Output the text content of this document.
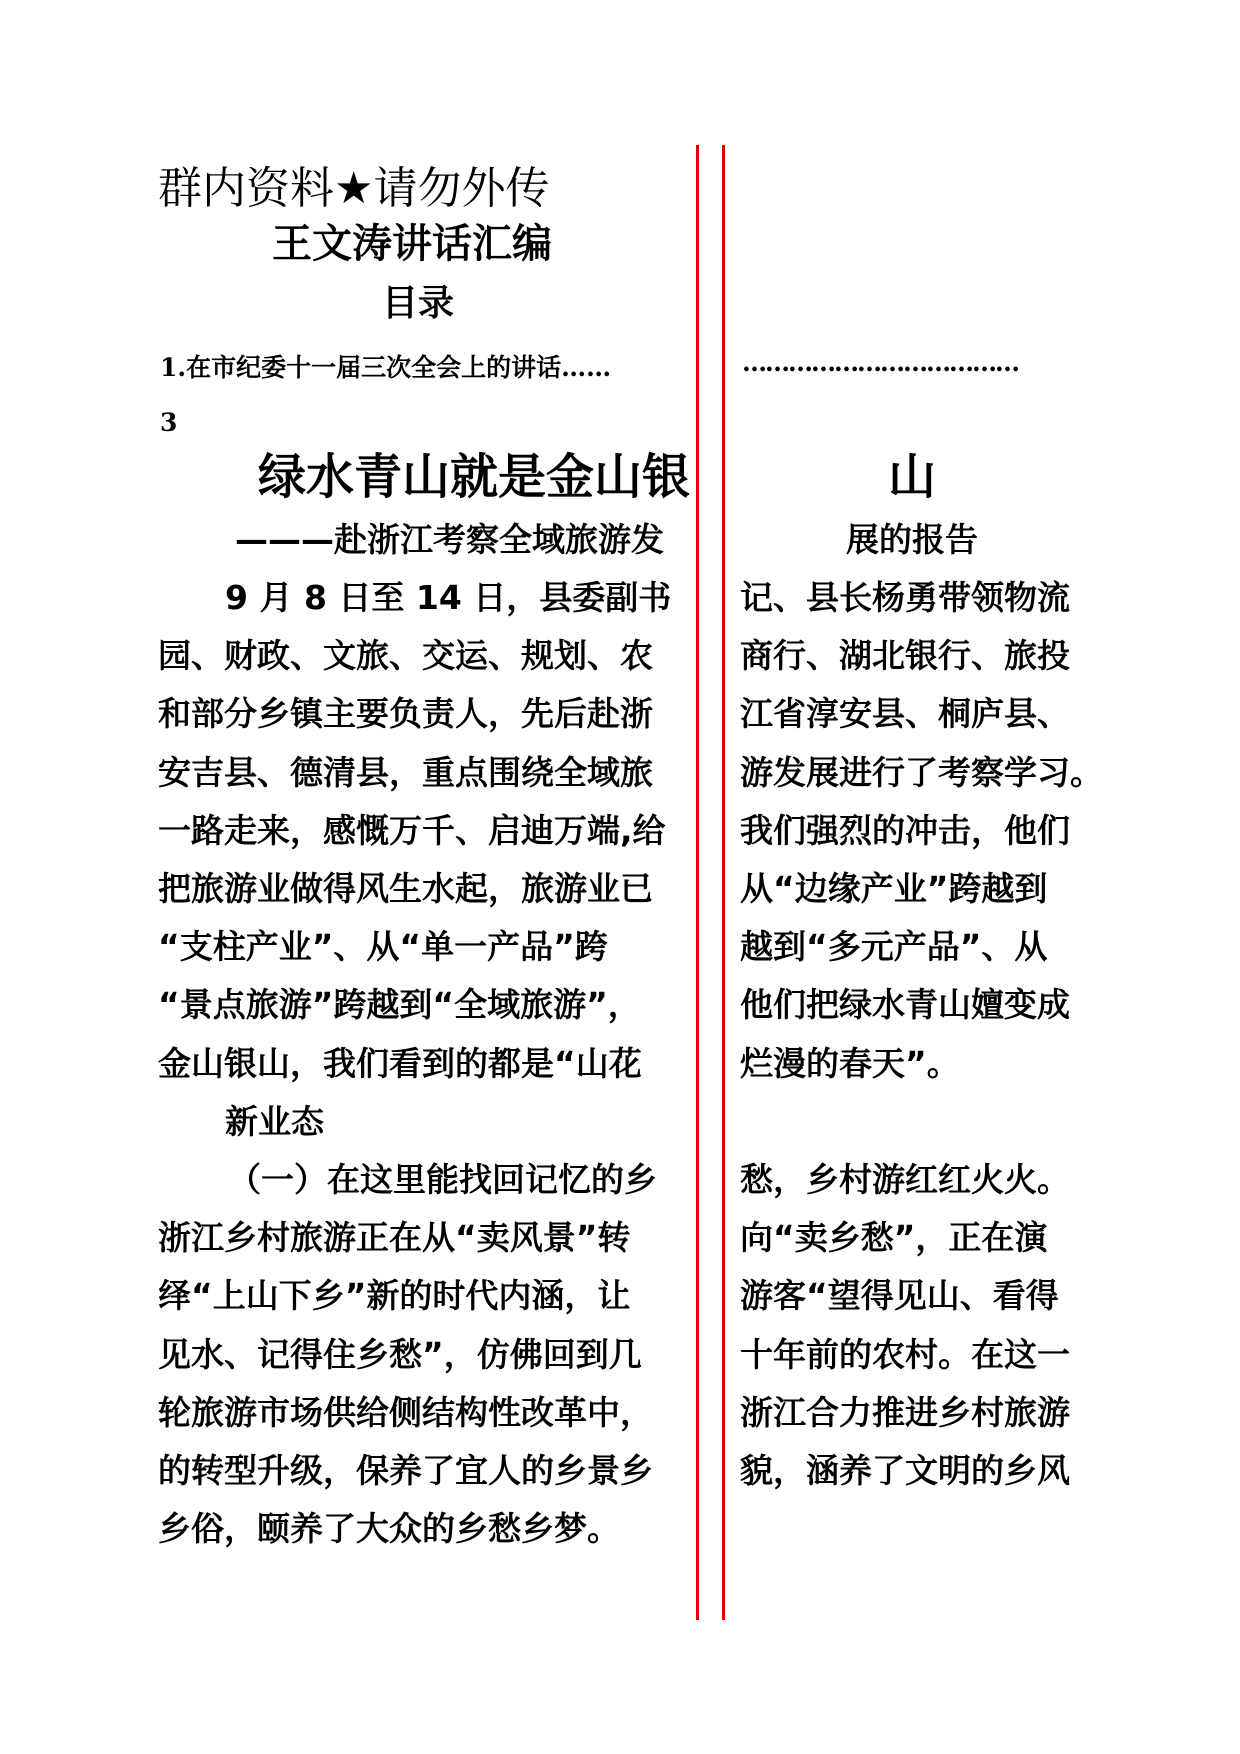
群内资料★请勿外传
王文涛讲话汇编
目录
1.在市纪委十一届三次全会上的讲话……	………………………………
3
绿水青山就是金山银	山
———赴浙江考察全域旅游发	展的报告
9 月 8 日至 14 日，县委副书
园、财政、文旅、交运、规划、农
和部分乡镇主要负责人，先后赴浙
安吉县、德清县，重点围绕全域旅
一路走来，感慨万千、启迪万端,给
把旅游业做得风生水起，旅游业已
“支柱产业”、从“单一产品”跨
“景点旅游”跨越到“全域旅游”，
金山银山，我们看到的都是“山花
新业态
（一）在这里能找回记忆的乡
浙江乡村旅游正在从“卖风景”转
绎“上山下乡”新的时代内涵，让
见水、记得住乡愁”，仿佛回到几
轮旅游市场供给侧结构性改革中，
的转型升级，保养了宜人的乡景乡
乡俗，颐养了大众的乡愁乡梦。
记、县长杨勇带领物流
商行、湖北银行、旅投
江省淳安县、桐庐县、
游发展进行了考察学习。
我们强烈的冲击，他们
从“边缘产业”跨越到
越到“多元产品”、从
他们把绿水青山嬗变成
烂漫的春天”。
愁，乡村游红红火火。
向“卖乡愁”，正在演
游客“望得见山、看得
十年前的农村。在这一
浙江合力推进乡村旅游
貌，涵养了文明的乡风
